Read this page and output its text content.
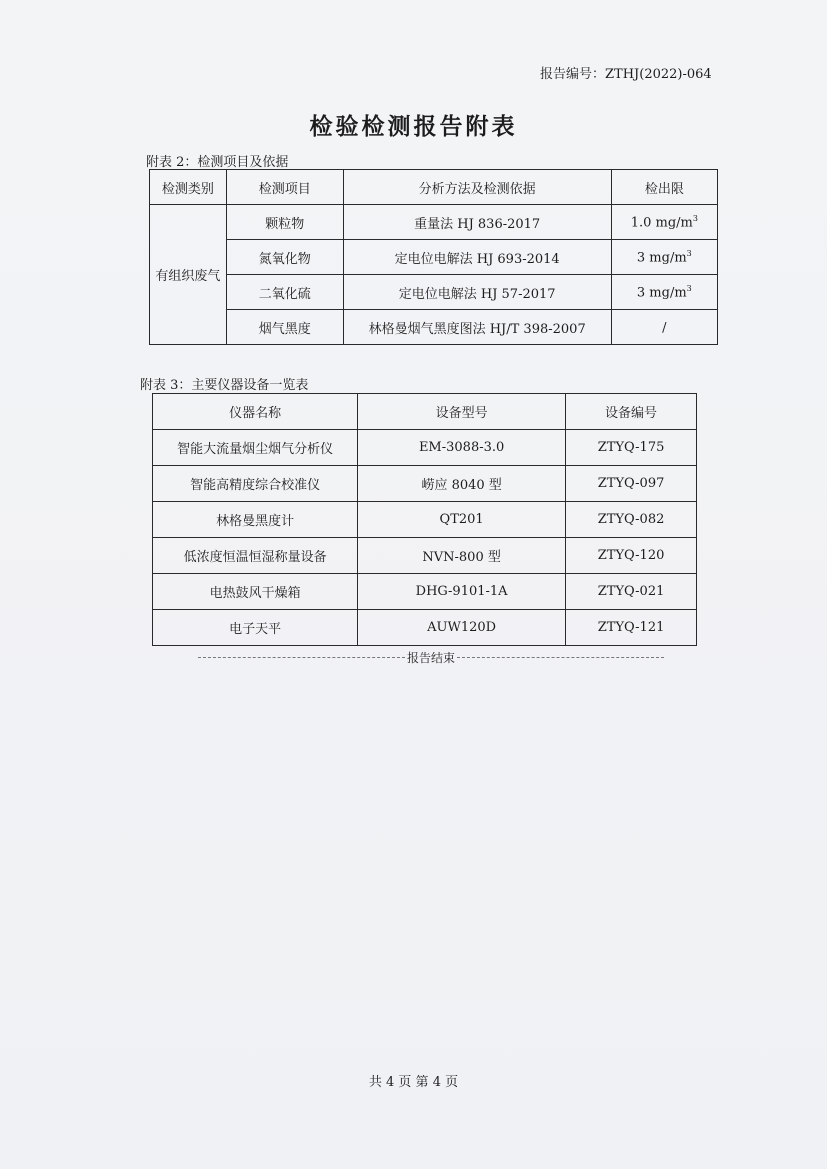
报告编号：ZTHJ(2022)-064
检验检测报告附表
附表 2：检测项目及依据
检测类别	检测项目	分析方法及检测依据	检出限
有组织废气	颗粒物	重量法 HJ 836-2017	1.0 $mg/m^3$
	氮氧化物	定电位电解法 HJ 693-2014	3 $mg/m^3$
	二氧化硫	定电位电解法 HJ 57-2017	3 $mg/m^3$
	烟气黑度	林格曼烟气黑度图法 HJ/T 398-2007	/
附表 3：主要仪器设备一览表
仪器名称	设备型号	设备编号
智能大流量烟尘烟气分析仪	EM-3088-3.0	ZTYQ-175
智能高精度综合校准仪	崂应 8040 型	ZTYQ-097
林格曼黑度计	QT201	ZTYQ-082
低浓度恒温恒湿称量设备	NVN-800 型	ZTYQ-120
电热鼓风干燥箱	DHG-9101-1A	ZTYQ-021
电子天平	AUW120D	ZTYQ-121
报告结束
共 4 页 第 4 页
